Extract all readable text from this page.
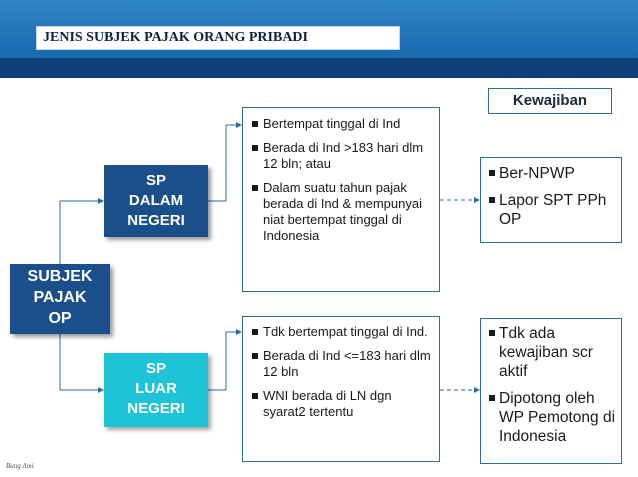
JENIS SUBJEK PAJAK ORANG PRIBADI
Kewajiban
SUBJEK
PAJAK
OP
SP
DALAM
NEGERI
SP
LUAR
NEGERI
Bertempat tinggal di Ind
Berada di Ind >183 hari dlm 12 bln; atau
Dalam suatu tahun pajak berada di Ind & mempunyai niat bertempat tinggal di Indonesia
Tdk bertempat tinggal di Ind.
Berada di Ind <=183 hari dlm 12 bln
WNI berada di LN dgn syarat2 tertentu
Ber-NPWP
Lapor SPT PPh OP
Tdk ada kewajiban scr aktif
Dipotong oleh WP Pemotong di Indonesia
Bang Ami
